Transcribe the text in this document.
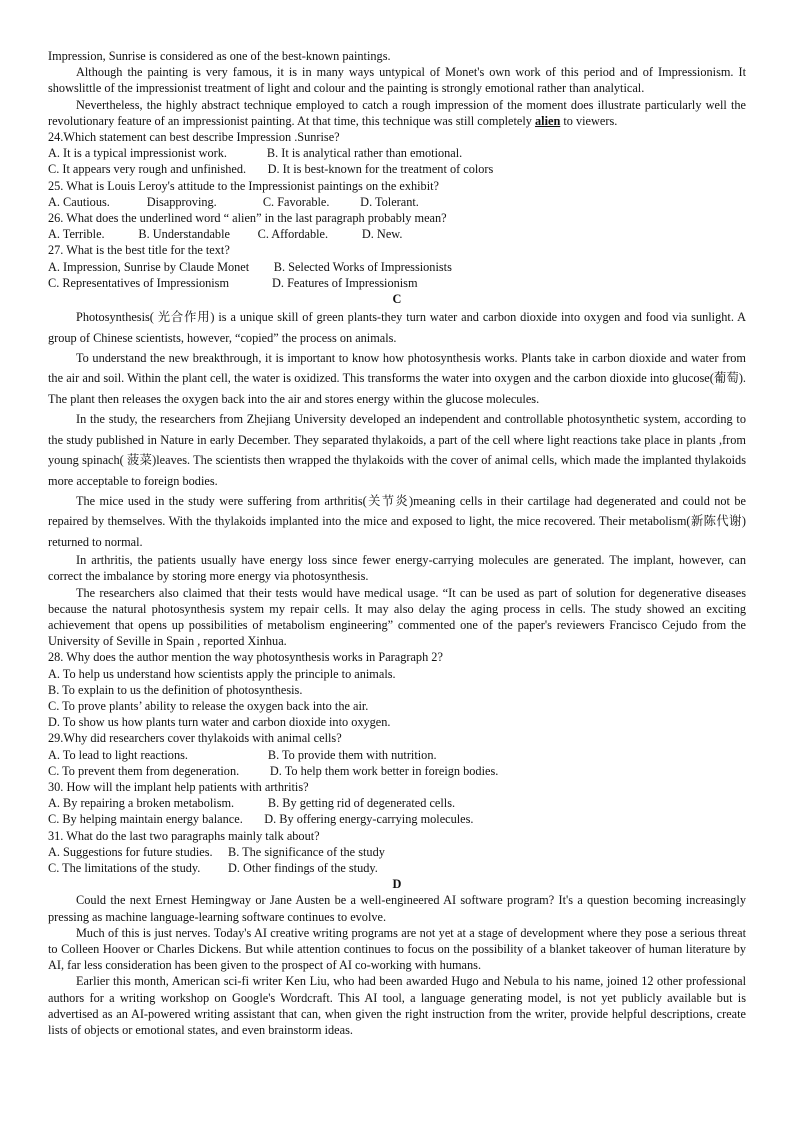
Impression, Sunrise is considered as one of the best-known paintings.

Although the painting is very famous, it is in many ways untypical of Monet's own work of this period and of Impressionism. It showslittle of the impressionist treatment of light and colour and the painting is strongly emotional rather than analytical.

Nevertheless, the highly abstract technique employed to catch a rough impression of the moment does illustrate particularly well the revolutionary feature of an impressionist painting. At that time, this technique was still completely alien to viewers.

24.Which statement can best describe Impression .Sunrise?

A. It is a typical impressionist work.             B. It is analytical rather than emotional.

C. It appears very rough and unfinished.       D. It is best-known for the treatment of colors

25. What is Louis Leroy's attitude to the Impressionist paintings on the exhibit?

A. Cautious.            Disapproving.               C. Favorable.          D. Tolerant.

26. What does the underlined word “ alien” in the last paragraph probably mean?

A. Terrible.           B. Understandable         C. Affordable.           D. New.

27. What is the best title for the text?

A. Impression, Sunrise by Claude Monet        B. Selected Works of Impressionists

C. Representatives of Impressionism              D. Features of Impressionism

C

Photosynthesis( 光合作用) is a unique skill of green plants-they turn water and carbon dioxide into oxygen and food via sunlight. A group of Chinese scientists, however, “copied” the process on animals.

To understand the new breakthrough, it is important to know how photosynthesis works. Plants take in carbon dioxide and water from the air and soil. Within the plant cell, the water is oxidized. This transforms the water into oxygen and the carbon dioxide into glucose(葡萄). The plant then releases the oxygen back into the air and stores energy within the glucose molecules.

In the study, the researchers from Zhejiang University developed an independent and controllable photosynthetic system, according to the study published in Nature in early December. They separated thylakoids, a part of the cell where light reactions take place in plants ,from young spinach( 菠菜)leaves. The scientists then wrapped the thylakoids with the cover of animal cells, which made the implanted thylakoids more acceptable to foreign bodies.

The mice used in the study were suffering from arthritis(关节炎)meaning cells in their cartilage had degenerated and could not be repaired by themselves. With the thylakoids implanted into the mice and exposed to light, the mice recovered. Their metabolism(新陈代谢) returned to normal.

In arthritis, the patients usually have energy loss since fewer energy-carrying molecules are generated. The implant, however, can correct the imbalance by storing more energy via photosynthesis.

The researchers also claimed that their tests would have medical usage. “It can be used as part of solution for degenerative diseases because the natural photosynthesis system my repair cells. It may also delay the aging process in cells. The study showed an exciting achievement that opens up possibilities of metabolism engineering” commented one of the paper's reviewers Francisco Cejudo from the University of Seville in Spain , reported Xinhua.

28. Why does the author mention the way photosynthesis works in Paragraph 2?

A. To help us understand how scientists apply the principle to animals.

B. To explain to us the definition of photosynthesis.

C. To prove plants’ ability to release the oxygen back into the air.

D. To show us how plants turn water and carbon dioxide into oxygen.

29.Why did researchers cover thylakoids with animal cells?

A. To lead to light reactions.                          B. To provide them with nutrition.

C. To prevent them from degeneration.          D. To help them work better in foreign bodies.

30. How will the implant help patients with arthritis?

A. By repairing a broken metabolism.           B. By getting rid of degenerated cells.

C. By helping maintain energy balance.       D. By offering energy-carrying molecules.

31. What do the last two paragraphs mainly talk about?

A. Suggestions for future studies.     B. The significance of the study

C. The limitations of the study.         D. Other findings of the study.

D

Could the next Ernest Hemingway or Jane Austen be a well-engineered AI software program? It's a question becoming increasingly pressing as machine language-learning software continues to evolve.

Much of this is just nerves. Today's AI creative writing programs are not yet at a stage of development where they pose a serious threat to Colleen Hoover or Charles Dickens. But while attention continues to focus on the possibility of a blanket takeover of human literature by AI, far less consideration has been given to the prospect of AI co-working with humans.

Earlier this month, American sci-fi writer Ken Liu, who had been awarded Hugo and Nebula to his name, joined 12 other professional authors for a writing workshop on Google's Wordcraft. This AI tool, a language generating model, is not yet publicly available but is advertised as an AI-powered writing assistant that can, when given the right instruction from the writer, provide helpful descriptions, create lists of objects or emotional states, and even brainstorm ideas.
